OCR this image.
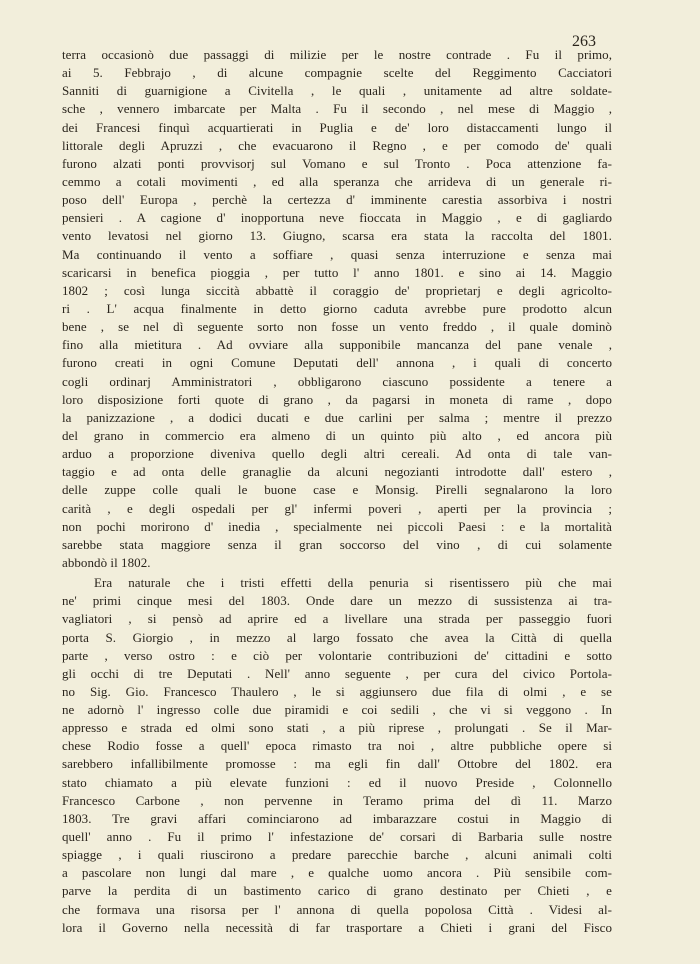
263
terra occasionò due passaggi di milizie per le nostre contrade . Fu il primo,
ai 5. Febbrajo , di alcune compagnie scelte del Reggimento Cacciatori
Sanniti di guarnigione a Civitella , le quali , unitamente ad altre soldate-
sche , vennero imbarcate per Malta . Fu il secondo , nel mese di Maggio ,
dei Francesi finquì acquartierati in Puglia e de' loro distaccamenti lungo il
littorale degli Apruzzi , che evacuarono il Regno , e per comodo de' quali
furono alzati ponti provvisorj sul Vomano e sul Tronto . Poca attenzione fa-
cemmo a cotali movimenti , ed alla speranza che arrideva di un generale ri-
poso dell' Europa , perchè la certezza d' imminente carestia assorbiva i nostri
pensieri . A cagione d' inopportuna neve fioccata in Maggio , e di gagliardo
vento levatosi nel giorno 13. Giugno, scarsa era stata la raccolta del 1801.
Ma continuando il vento a soffiare , quasi senza interruzione e senza mai
scaricarsi in benefica pioggia , per tutto l' anno 1801. e sino ai 14. Maggio
1802 ; così lunga siccità abbattè il coraggio de' proprietarj e degli agricolto-
ri . L' acqua finalmente in detto giorno caduta avrebbe pure prodotto alcun
bene , se nel dì seguente sorto non fosse un vento freddo , il quale dominò
fino alla mietitura . Ad ovviare alla supponibile mancanza del pane venale ,
furono creati in ogni Comune Deputati dell' annona , i quali di concerto
cogli ordinarj Amministratori , obbligarono ciascuno possidente a tenere a
loro disposizione forti quote di grano , da pagarsi in moneta di rame , dopo
la panizzazione , a dodici ducati e due carlini per salma ; mentre il prezzo
del grano in commercio era almeno di un quinto più alto , ed ancora più
arduo a proporzione diveniva quello degli altri cereali. Ad onta di tale van-
taggio e ad onta delle granaglie da alcuni negozianti introdotte dall' estero ,
delle zuppe colle quali le buone case e Monsig. Pirelli segnalarono la loro
carità , e degli ospedali per gl' infermi poveri , aperti per la provincia ;
non pochi morirono d' inedia , specialmente nei piccoli Paesi : e la mortalità
sarebbe stata maggiore senza il gran soccorso del vino , di cui solamente
abbondò il 1802.
Era naturale che i tristi effetti della penuria si risentissero più che mai
ne' primi cinque mesi del 1803. Onde dare un mezzo di sussistenza ai tra-
vagliatori , si pensò ad aprire ed a livellare una strada per passeggio fuori
porta S. Giorgio , in mezzo al largo fossato che avea la Città di quella
parte , verso ostro : e ciò per volontarie contribuzioni de' cittadini e sotto
gli occhi di tre Deputati . Nell' anno seguente , per cura del civico Portola-
no Sig. Gio. Francesco Thaulero , le si aggiunsero due fila di olmi , e se
ne adornò l' ingresso colle due piramidi e coi sedili , che vi si veggono . In
appresso e strada ed olmi sono stati , a più riprese , prolungati . Se il Mar-
chese Rodio fosse a quell' epoca rimasto tra noi , altre pubbliche opere si
sarebbero infallibilmente promosse : ma egli fin dall' Ottobre del 1802. era
stato chiamato a più elevate funzioni : ed il nuovo Preside , Colonnello
Francesco Carbone , non pervenne in Teramo prima del dì 11. Marzo
1803. Tre gravi affari cominciarono ad imbarazzare costui in Maggio di
quell' anno . Fu il primo l' infestazione de' corsari di Barbaria sulle nostre
spiagge , i quali riuscirono a predare parecchie barche , alcuni animali colti
a pascolare non lungi dal mare , e qualche uomo ancora . Più sensibile com-
parve la perdita di un bastimento carico di grano destinato per Chieti , e
che formava una risorsa per l' annona di quella popolosa Città . Videsi al-
lora il Governo nella necessità di far trasportare a Chieti i grani del Fisco
